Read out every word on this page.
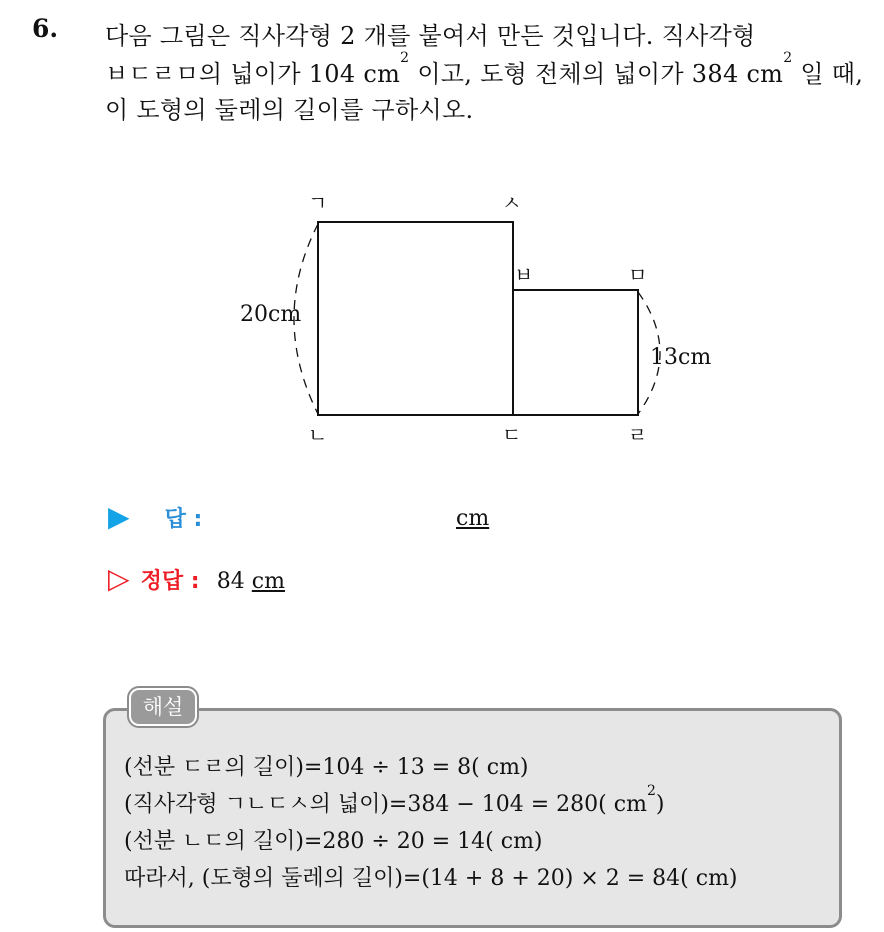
6. 다음 그림은 직사각형 2 개를 붙여서 만든 것입니다. 직사각형
ㅂㄷㄹㅁ의 넓이가 104 $cm^2$ 이고, 도형 전체의 넓이가 384 $cm^2$ 일 때,
이 도형의 둘레의 길이를 구하시오.
ㄱ	ㅅ
ㅂ	ㅁ
ㄴ	ㄷ	ㄹ
20cm
13cm
▶ 답 :	cm
▷ 정답 : 84 cm
해설
(선분 ㄷㄹ의 길이)=104 ÷ 13 = 8( cm)
(직사각형 ㄱㄴㄷㅅ의 넓이)=384 − 104 = 280( $cm^2$)
(선분 ㄴㄷ의 길이)=280 ÷ 20 = 14( cm)
따라서, (도형의 둘레의 길이)=(14 + 8 + 20) × 2 = 84( cm)
